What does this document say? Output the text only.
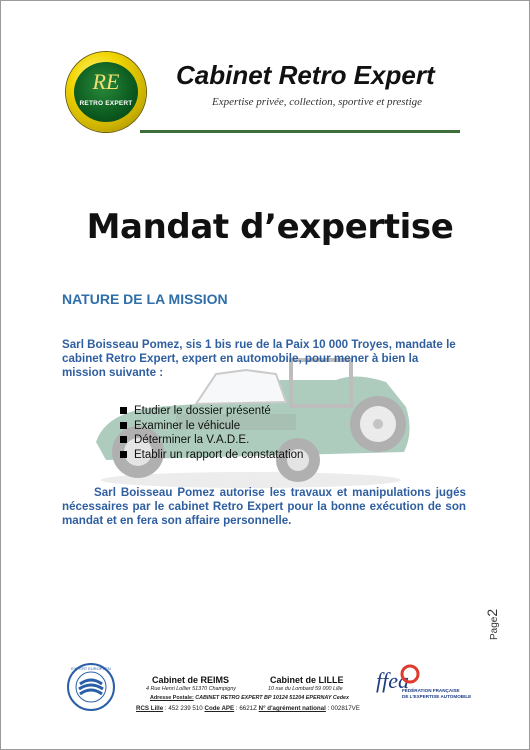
RE
RETRO EXPERT
Cabinet Retro Expert
Expertise privée, collection, sportive et prestige
Mandat d’expertise
NATURE DE LA MISSION
Sarl Boisseau Pomez, sis 1 bis rue de la Paix 10 000 Troyes, mandate le cabinet Retro Expert, expert en automobile, pour mener à bien la mission suivante :
Etudier le dossier présenté
Examiner le véhicule
Déterminer la V.A.D.E.
Etablir un rapport de constatation
Sarl Boisseau Pomez autorise les travaux et manipulations jugés nécessaires par le cabinet Retro Expert pour la bonne exécution de son mandat et en fera son affaire personnelle.
Page2
EXPERT EUROPEEN
Cabinet de REIMS	Cabinet de LILLE
4 Rue Henri Lollier 51370 Champigny	10 rue du Lombard 59 000 Lille
Adresse Postale: CABINET RETRO EXPERT BP 10124 51204 EPERNAY Cedex
RCS Lille : 452 239 510 Code APE : 6621Z N° d'agrément national : 002817VE
ffea
FÉDÉRATION FRANÇAISE
DE L'EXPERTISE AUTOMOBILE
